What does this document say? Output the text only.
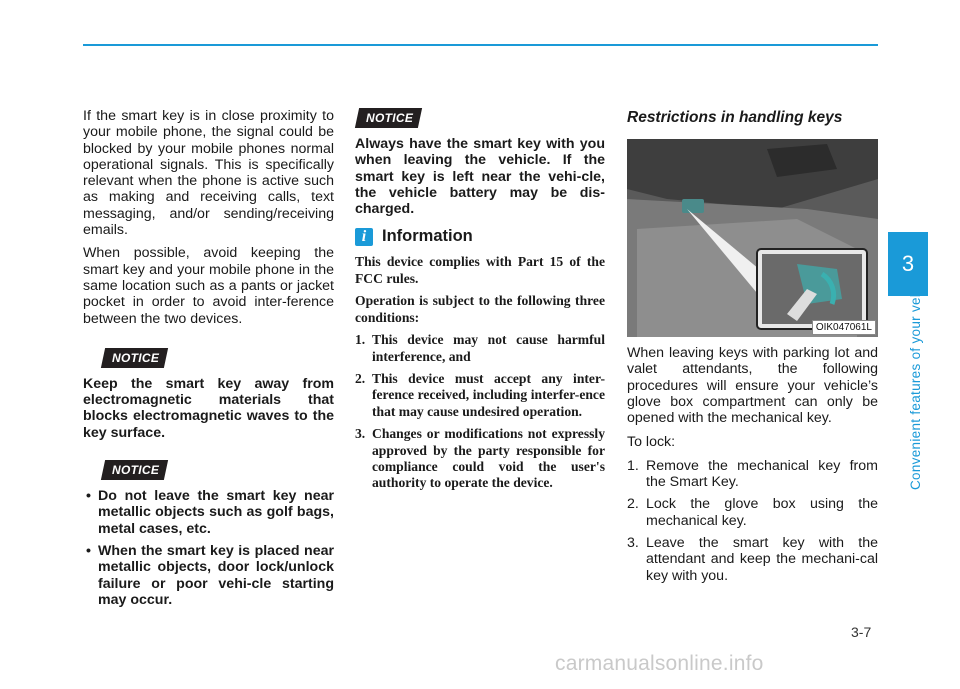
If the smart key is in close proximity to your mobile phone, the signal could be blocked by your mobile phones normal operational signals. This is specifically relevant when the phone is active such as making and receiving calls, text messaging, and/or sending/receiving emails.

When possible, avoid keeping the smart key and your mobile phone in the same location such as a pants or jacket pocket in order to avoid inter-ference between the two devices.

NOTICE

Keep the smart key away from electromagnetic materials that blocks electromagnetic waves to the key surface.

NOTICE
• Do not leave the smart key near metallic objects such as golf bags, metal cases, etc.
• When the smart key is placed near metallic objects, door lock/unlock failure or poor vehi-cle starting may occur.
NOTICE

Always have the smart key with you when leaving the vehicle. If the smart key is left near the vehi-cle, the vehicle battery may be dis-charged.

i Information

This device complies with Part 15 of the FCC rules.

Operation is subject to the following three conditions:

1. This device may not cause harmful interference, and
2. This device must accept any inter-ference received, including interfer-ence that may cause undesired operation.
3. Changes or modifications not expressly approved by the party responsible for compliance could void the user's authority to operate the device.
Restrictions in handling keys
OIK047061L

When leaving keys with parking lot and valet attendants, the following procedures will ensure your vehicle’s glove box compartment can only be opened with the mechanical key.

To lock:

1. Remove the mechanical key from the Smart Key.
2. Lock the glove box using the mechanical key.
3. Leave the smart key with the attendant and keep the mechani-cal key with you.
3
Convenient features of your vehicle
3-7
carmanualsonline.info
